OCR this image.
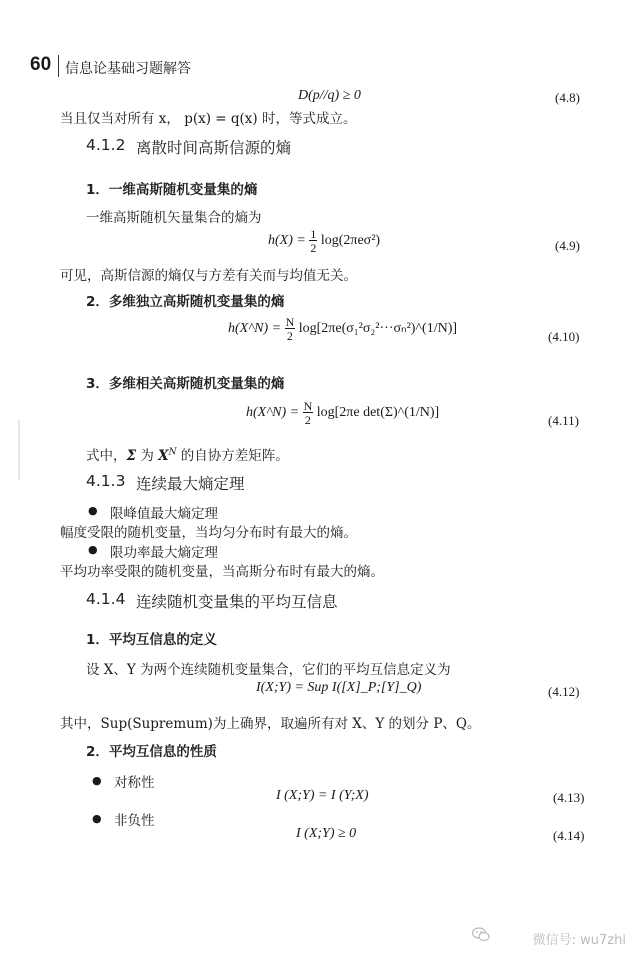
60 信息论基础习题解答
D(p//q) ≥ 0	(4.8)
当且仅当对所有 x， p(x) = q(x) 时，等式成立。
4.1.2 离散时间高斯信源的熵
1．一维高斯随机变量集的熵
一维高斯随机矢量集合的熵为
$h(X) = \frac{1}{2} \log(2\pi e\sigma^2)$	(4.9)
可见，高斯信源的熵仅与方差有关而与均值无关。
2．多维独立高斯随机变量集的熵
h(X^N) = $\frac{N}{2}$ log[2πe(σ₁²σ₂²···σₙ²)^(1/N)]
(4.10)
3．多维相关高斯随机变量集的熵
h(X^N) = $\frac{N}{2} \log[2\pi e$ det(Σ)^(1/N)]
(4.11)
式中，Σ 为 $X^N$ 的自协方差矩阵。
4.1.3 连续最大熵定理
● 限峰值最大熵定理
幅度受限的随机变量，当均匀分布时有最大的熵。
● 限功率最大熵定理
平均功率受限的随机变量，当高斯分布时有最大的熵。
4.1.4 连续随机变量集的平均互信息
1．平均互信息的定义
设 X、Y 为两个连续随机变量集合，它们的平均互信息定义为
I(X;Y) = Sup I([X]_P;[Y]_Q)	(4.12)
其中，Sup(Supremum)为上确界，取遍所有对 X、Y 的划分 P、Q。
2．平均互信息的性质
● 对称性
I (X;Y) = I (Y;X)	(4.13)
● 非负性
I (X;Y) ≥ 0	(4.14)
微信号: wu7zhi
